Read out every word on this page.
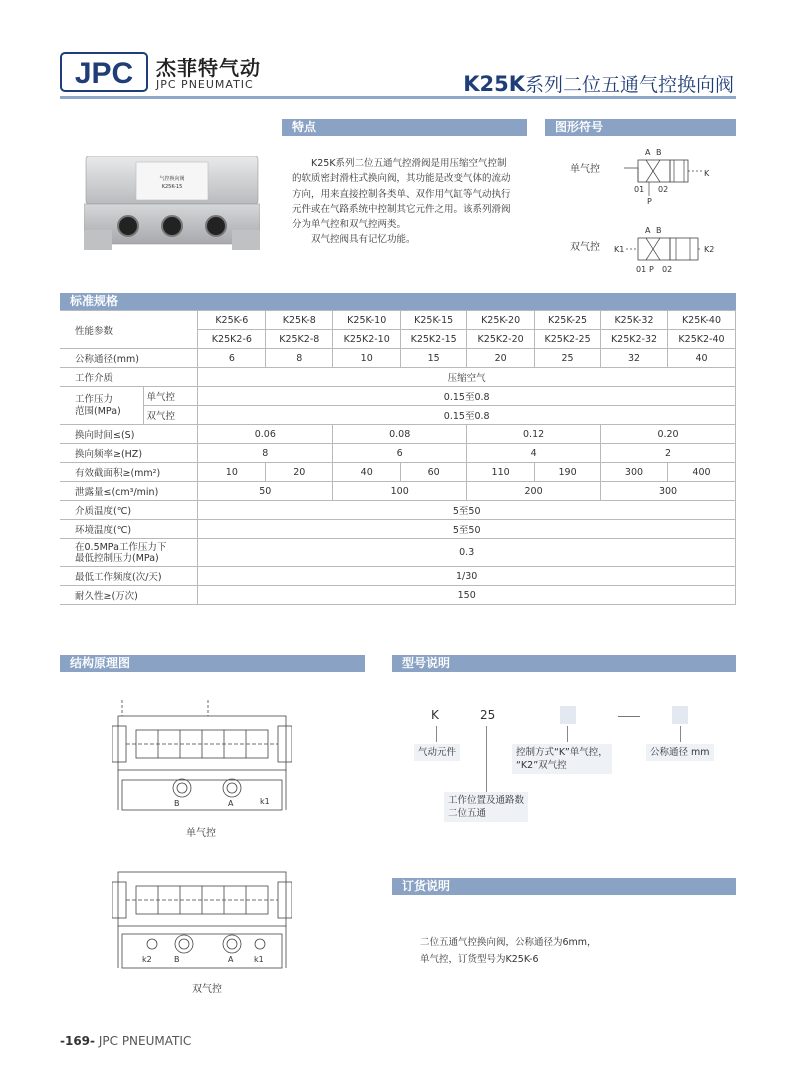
JPC 杰菲特气动
JPC PNEUMATIC	K25K系列二位五通气控换向阀
特点	图形符号
气控换向阀
K25K-15

K25K系列二位五通气控滑阀是用压缩空气控制的软质密封滑柱式换向阀，其功能是改变气体的流动方向，用来直接控制各类单、双作用气缸等气动执行元件或在气路系统中控制其它元件之用。该系列滑阀分为单气控和双气控两类。

双气控阀具有记忆功能。

单气控
A B
01 02
P
K
双气控
A B
K1	K2
01 P 02
标准规格
性能参数		K25K-6	K25K-8	K25K-10	K25K-15	K25K-20	K25K-25	K25K-32	K25K-40
		K25K2-6	K25K2-8	K25K2-10	K25K2-15	K25K2-20	K25K2-25	K25K2-32	K25K2-40
公称通径(mm)		6	8	10	15	20	25	32	40
工作介质		压缩空气							
工作压力
范围(MPa)	单气控	0.15至0.8							
	双气控	0.15至0.8							
换向时间≤(S)		0.06		0.08		0.12		0.20	
换向频率≥(HZ)		8		6		4		2	
有效截面积≥(mm²)		10	20	40	60	110	190	300	400
泄露量≤(cm³/min)		50		100		200		300	
介质温度(℃)		5至50							
环境温度(℃)		5至50							
在0.5MPa工作压力下
最低控制压力(MPa)		0.3							
最低工作频度(次/天)		1/30							
耐久性≥(万次)		150							
结构原理图	型号说明
订货说明
B	A	k1
单气控
k2	B	A	k1
双气控
K	25
气动元件	控制方式“K”单气控，
“K2”双气控
公称通径 mm
工作位置及通路数
二位五通
二位五通气控换向阀，公称通径为6mm，
单气控，订货型号为K25K-6
-169- JPC PNEUMATIC
